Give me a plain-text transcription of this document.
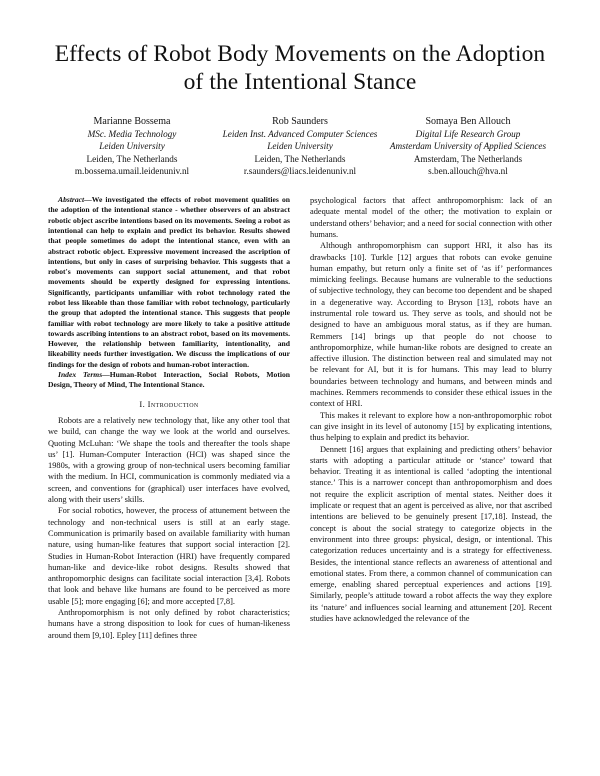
Effects of Robot Body Movements on the Adoption of the Intentional Stance
Marianne Bossema
MSc. Media Technology
Leiden University
Leiden, The Netherlands
m.bossema.umail.leidenuniv.nl
Rob Saunders
Leiden Inst. Advanced Computer Sciences
Leiden University
Leiden, The Netherlands
r.saunders@liacs.leidenuniv.nl
Somaya Ben Allouch
Digital Life Research Group
Amsterdam University of Applied Sciences
Amsterdam, The Netherlands
s.ben.allouch@hva.nl

Abstract—We investigated the effects of robot movement qualities on the adoption of the intentional stance - whether observers of an abstract robotic object ascribe intentions based on its movements. Seeing a robot as intentional can help to explain and predict its behavior. Results showed that people sometimes do adopt the intentional stance, even with an abstract robotic object. Expressive movement increased the ascription of intentions, but only in cases of surprising behavior. This suggests that a robot's movements can support social attunement, and that robot movements should be expertly designed for expressing intentions. Significantly, participants unfamiliar with robot technology rated the robot less likeable than those familiar with robot technology, particularly the group that adopted the intentional stance. This suggests that people familiar with robot technology are more likely to take a positive attitude towards ascribing intentions to an abstract robot, based on its movements. However, the relationship between familiarity, intentionality, and likeability needs further investigation. We discuss the implications of our findings for the design of robots and human-robot interaction.

Index Terms—Human-Robot Interaction, Social Robots, Motion Design, Theory of Mind, The Intentional Stance.

I. Introduction

Robots are a relatively new technology that, like any other tool that we build, can change the way we look at the world and ourselves. Quoting McLuhan: ‘We shape the tools and thereafter the tools shape us’ [1]. Human-Computer Interaction (HCI) was shaped since the 1980s, with a growing group of non-technical users becoming familiar with the medium. In HCI, communication is commonly mediated via a screen, and conventions for (graphical) user interfaces have evolved, along with their users’ skills.

For social robotics, however, the process of attunement between the technology and non-technical users is still at an early stage. Communication is primarily based on available familiarity with human nature, using human-like features that support social interaction [2]. Studies in Human-Robot Interaction (HRI) have frequently compared human-like and device-like robot designs. Results showed that anthropomorphic designs can facilitate social interaction [3,4]. Robots that look and behave like humans are found to be perceived as more usable [5]; more engaging [6]; and more accepted [7,8].

Anthropomorphism is not only defined by robot characteristics; humans have a strong disposition to look for cues of human-likeness around them [9,10]. Epley [11] defines three

psychological factors that affect anthropomorphism: lack of an adequate mental model of the other; the motivation to explain or understand others’ behavior; and a need for social connection with other humans.

Although anthropomorphism can support HRI, it also has its drawbacks [10]. Turkle [12] argues that robots can evoke genuine human empathy, but return only a finite set of ‘as if’ performances mimicking feelings. Because humans are vulnerable to the seductions of subjective technology, they can become too dependent and be shaped in a degenerative way. According to Bryson [13], robots have an instrumental role toward us. They serve as tools, and should not be designed to have an ambiguous moral status, as if they are human. Remmers [14] brings up that people do not choose to anthropomorphize, while human-like robots are designed to create an affective illusion. The distinction between real and simulated may not be relevant for AI, but it is for humans. This may lead to blurry boundaries between technology and humans, and between minds and machines. Remmers recommends to consider these ethical issues in the context of HRI.

This makes it relevant to explore how a non-anthropomorphic robot can give insight in its level of autonomy [15] by explicating intentions, thus helping to explain and predict its behavior.

Dennett [16] argues that explaining and predicting others’ behavior starts with adopting a particular attitude or ‘stance’ toward that behavior. Treating it as intentional is called ‘adopting the intentional stance.’ This is a narrower concept than anthropomorphism and does not require the explicit ascription of mental states. Neither does it implicate or request that an agent is perceived as alive, nor that ascribed intentions are believed to be genuinely present [17,18]. Instead, the concept is about the social strategy to categorize objects in the environment into three groups: physical, design, or intentional. This categorization reduces uncertainty and is a strategy for effectiveness. Besides, the intentional stance reflects an awareness of attentional and emotional states. From there, a common channel of communication can emerge, enabling shared perceptual experiences and actions [19]. Similarly, people’s attitude toward a robot affects the way they explore its ‘nature’ and influences social learning and attunement [20]. Recent studies have acknowledged the relevance of the
